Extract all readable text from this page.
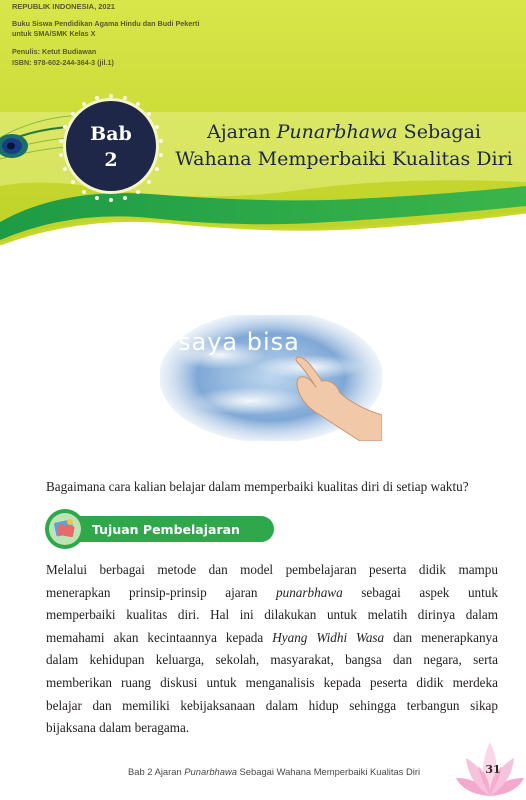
REPUBLIK INDONESIA, 2021
Buku Siswa Pendidikan Agama Hindu dan Budi Pekerti
untuk SMA/SMK Kelas X
Penulis: Ketut Budiawan
ISBN: 978-602-244-364-3 (jil.1)
Bab
2
Ajaran Punarbhawa Sebagai
Wahana Memperbaiki Kualitas Diri
saya bisa
Bagaimana cara kalian belajar dalam memperbaiki kualitas diri di setiap waktu?
Tujuan Pembelajaran
Melalui berbagai metode dan model pembelajaran peserta didik mampu
menerapkan prinsip-prinsip ajaran punarbhawa sebagai aspek untuk
memperbaiki kualitas diri. Hal ini dilakukan untuk melatih dirinya dalam
memahami akan kecintaannya kepada Hyang Widhi Wasa dan menerapkanya
dalam kehidupan keluarga, sekolah, masyarakat, bangsa dan negara, serta
memberikan ruang diskusi untuk menganalisis kepada peserta didik merdeka
belajar dan memiliki kebijaksanaan dalam hidup sehingga terbangun sikap
bijaksana dalam beragama.
Bab 2 Ajaran Punarbhawa Sebagai Wahana Memperbaiki Kualitas Diri	31
